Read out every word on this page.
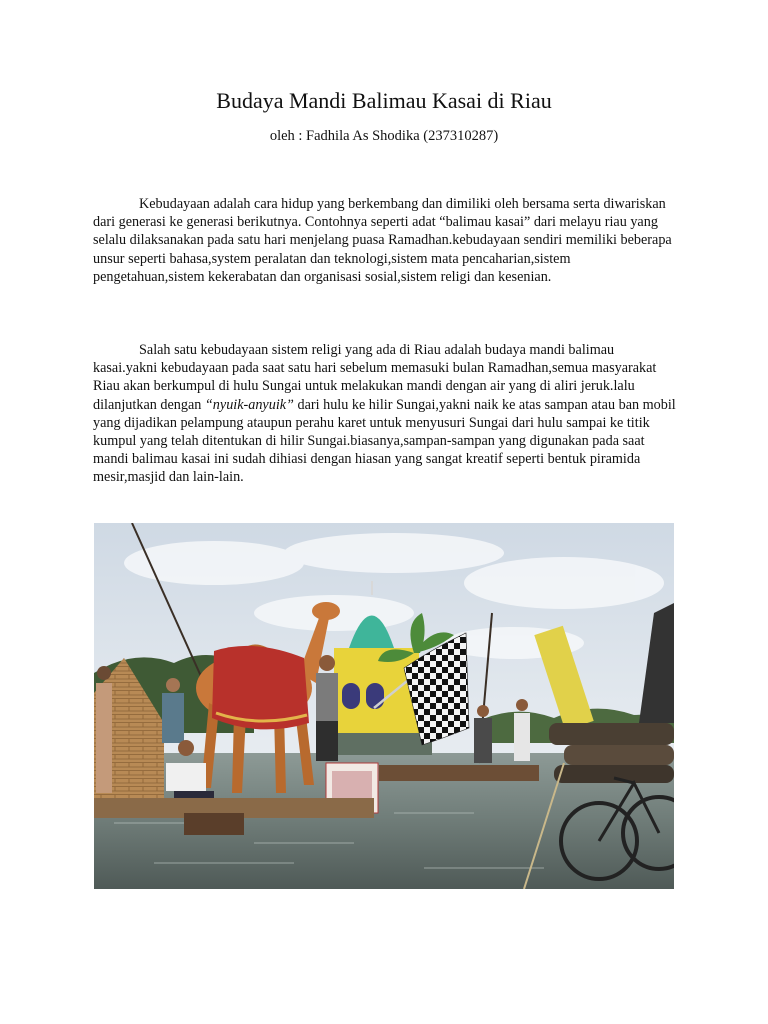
Budaya Mandi Balimau Kasai di Riau
oleh : Fadhila As Shodika (237310287)

Kebudayaan adalah cara hidup yang berkembang dan dimiliki oleh bersama serta diwariskan dari generasi ke generasi berikutnya. Contohnya seperti adat “balimau kasai” dari melayu riau yang selalu dilaksanakan pada satu hari menjelang puasa Ramadhan.kebudayaan sendiri memiliki beberapa unsur seperti bahasa,system peralatan dan teknologi,sistem mata pencaharian,sistem pengetahuan,sistem kekerabatan dan organisasi sosial,sistem religi dan kesenian.

Salah satu kebudayaan sistem religi yang ada di Riau adalah budaya mandi balimau kasai.yakni kebudayaan pada saat satu hari sebelum memasuki bulan Ramadhan,semua masyarakat Riau akan berkumpul di hulu Sungai untuk melakukan mandi dengan air yang di aliri jeruk.lalu dilanjutkan dengan “nyuik-anyuik” dari hulu ke hilir Sungai,yakni naik ke atas sampan atau ban mobil yang dijadikan pelampung ataupun perahu karet untuk menyusuri Sungai dari hulu sampai ke titik kumpul yang telah ditentukan di hilir Sungai.biasanya,sampan-sampan yang digunakan pada saat mandi balimau kasai ini sudah dihiasi dengan hiasan yang sangat kreatif seperti bentuk piramida mesir,masjid dan lain-lain.
